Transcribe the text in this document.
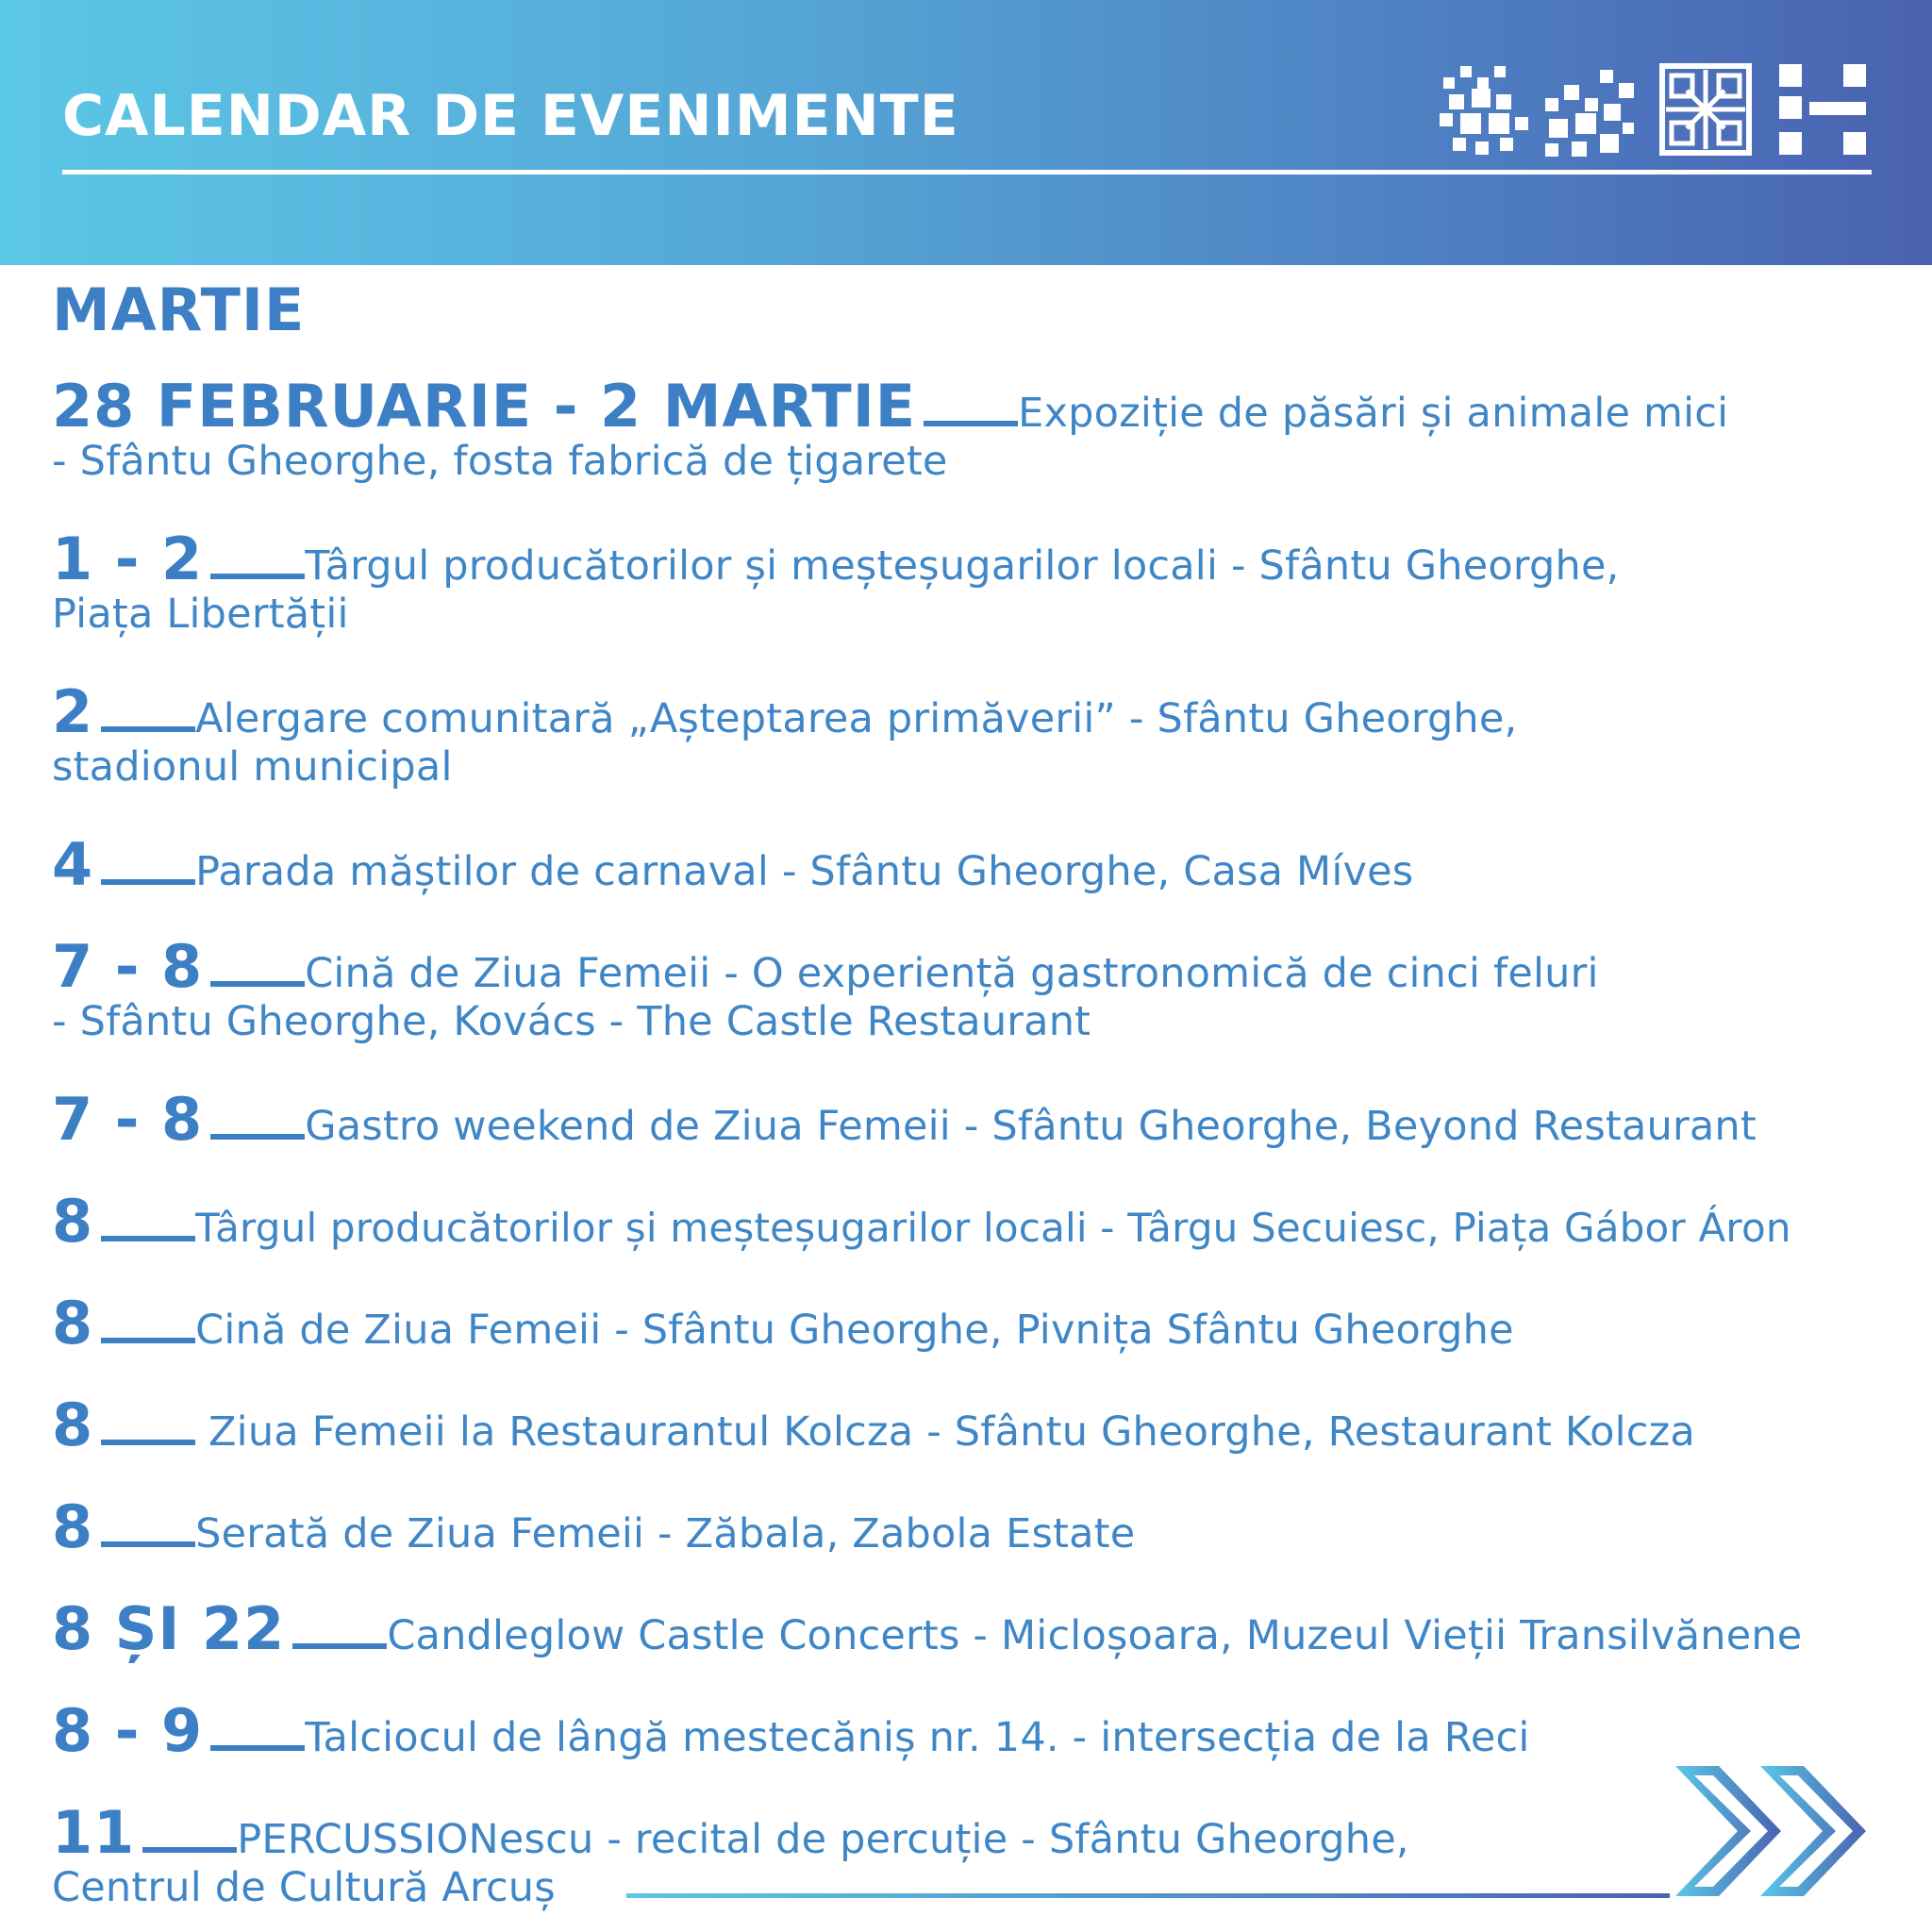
CALENDAR DE EVENIMENTE
MARTIE
28 FEBRUARIE - 2 MARTIE	Expoziție de păsări și animale mici
- Sfântu Gheorghe, fosta fabrică de țigarete
1 - 2	Târgul producătorilor și meșteșugarilor locali - Sfântu Gheorghe,
Piața Libertății
2	Alergare comunitară „Așteptarea primăverii” - Sfântu Gheorghe,
stadionul municipal
4	Parada măștilor de carnaval - Sfântu Gheorghe, Casa Míves
7 - 8	Cină de Ziua Femeii - O experiență gastronomică de cinci feluri
- Sfântu Gheorghe, Kovács - The Castle Restaurant
7 - 8	Gastro weekend de Ziua Femeii - Sfântu Gheorghe, Beyond Restaurant
8	Târgul producătorilor și meșteșugarilor locali - Târgu Secuiesc, Piața Gábor Áron
8	Cină de Ziua Femeii - Sfântu Gheorghe, Pivnița Sfântu Gheorghe
8	Ziua Femeii la Restaurantul Kolcza - Sfântu Gheorghe, Restaurant Kolcza
8	Serată de Ziua Femeii - Zăbala, Zabola Estate
8 ȘI 22	Candleglow Castle Concerts - Micloșoara, Muzeul Vieții Transilvănene
8 - 9	Talciocul de lângă mestecăniș nr. 14. - intersecția de la Reci
11	PERCUSSIONescu - recital de percuție - Sfântu Gheorghe,
Centrul de Cultură Arcuș
